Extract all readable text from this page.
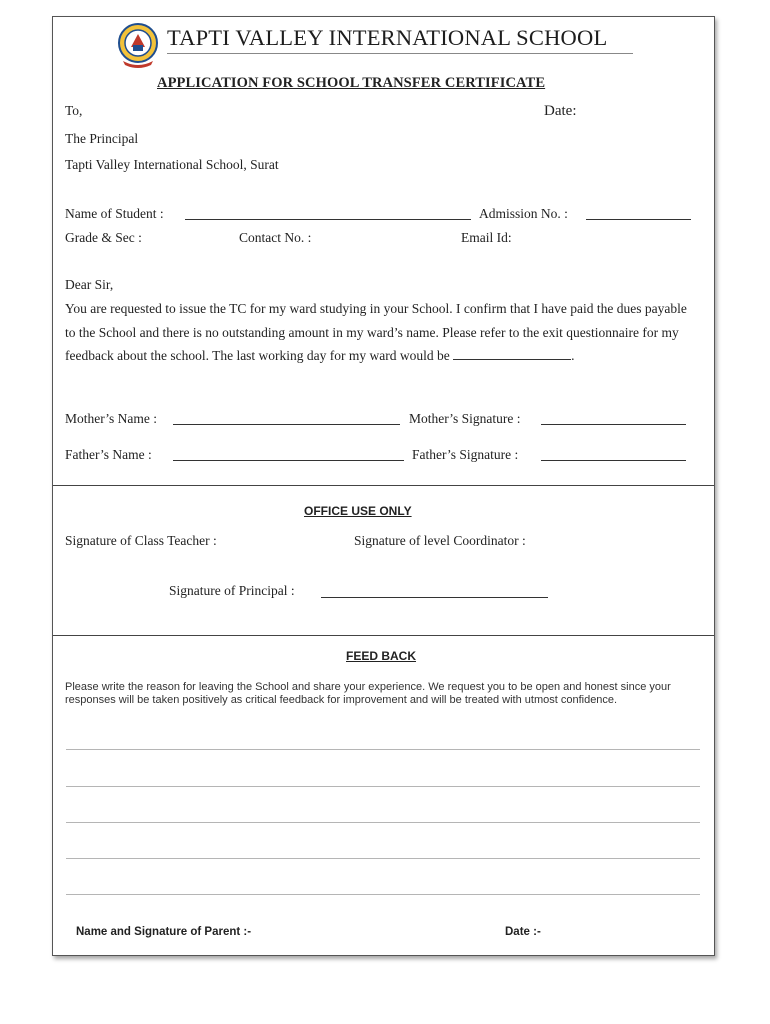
TAPTI VALLEY INTERNATIONAL SCHOOL
APPLICATION FOR SCHOOL TRANSFER CERTIFICATE
To,	Date:
The Principal
Tapti Valley International School, Surat
Name of Student :	Admission No. :
Grade & Sec :	Contact No. :	Email Id:
Dear Sir,
You are requested to issue the TC for my ward studying in your School. I confirm that I have paid the dues payable to the School and there is no outstanding amount in my ward’s name. Please refer to the exit questionnaire for my feedback about the school. The last working day for my ward would be	.
Mother’s Name :	Mother’s Signature :
Father’s Name :	Father’s Signature :
OFFICE USE ONLY
Signature of Class Teacher :	Signature of level Coordinator :
Signature of Principal :
FEED BACK
Please write the reason for leaving the School and share your experience. We request you to be open and honest since your responses will be taken positively as critical feedback for improvement and will be treated with utmost confidence.
Name and Signature of Parent :-	Date :-
